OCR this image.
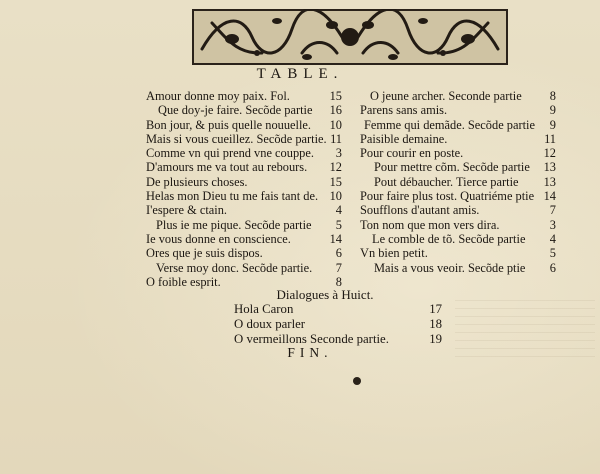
TABLE.
Amour donne moy paix. Fol.	15
Que doy-je faire. Secõde partie 16
Bon jour, & puis quelle nouuelle. 10
Mais si vous cueillez. Secõde partie. 11
Comme vn qui prend vne couppe. 3
D'amours me va tout au rebours. 12
De plusieurs choses.	15
Helas mon Dieu tu me fais tant de. 10
I'espere & ctain.	4
Plus ie me pique. Secõde partie 5
Ie vous donne en conscience.	14
Ores que je suis dispos.	6
Verse moy donc. Secõde partie. 7
O foible esprit.	8
O jeune archer. Seconde partie 8
Parens sans amis.	9
Femme qui demãde. Secõde partie 9
Paisible demaine.	11
Pour courir en poste.	12
Pour mettre cõm. Secõde partie 13
Pout débaucher. Tierce partie 13
Pour faire plus tost. Quatriéme ptie 14
Soufflons d'autant amis.	7
Ton nom que mon vers dira.	3
Le comble de tõ. Secõde partie 4
Vn bien petit.	5
Mais a vous veoir. Secõde ptie 6
Dialogues à Huict.
Hola Caron	17
O doux parler	18
O vermeillons Seconde partie.	19
FIN.
